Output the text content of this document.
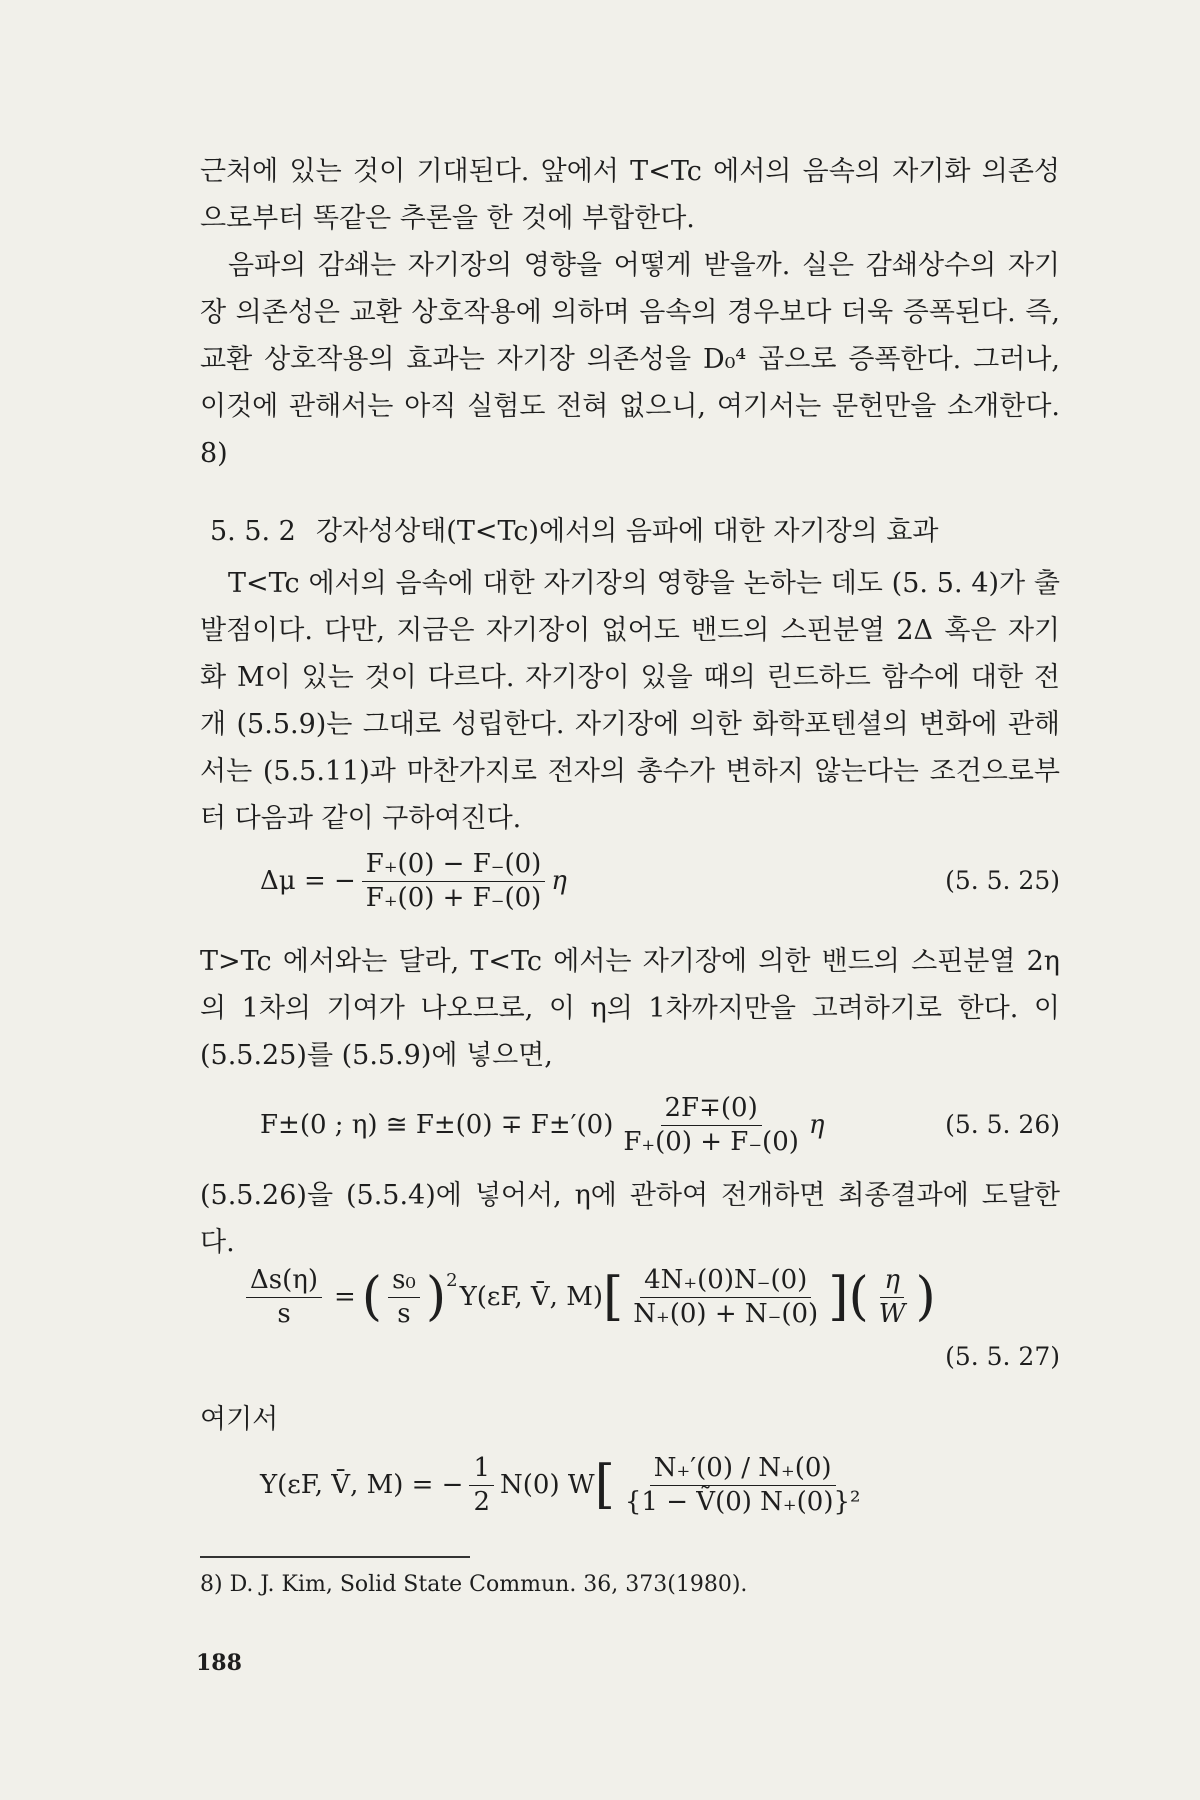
근처에 있는 것이 기대된다. 앞에서 T<Tc 에서의 음속의 자기화 의존성으로부터 똑같은 추론을 한 것에 부합한다.
음파의 감쇄는 자기장의 영향을 어떻게 받을까. 실은 감쇄상수의 자기장 의존성은 교환 상호작용에 의하며 음속의 경우보다 더욱 증폭된다. 즉, 교환 상호작용의 효과는 자기장 의존성을 D₀⁴ 곱으로 증폭한다. 그러나, 이것에 관해서는 아직 실험도 전혀 없으니, 여기서는 문헌만을 소개한다. 8)
5. 5. 2 강자성상태(T<Tc)에서의 음파에 대한 자기장의 효과
T<Tc 에서의 음속에 대한 자기장의 영향을 논하는 데도 (5. 5. 4)가 출발점이다. 다만, 지금은 자기장이 없어도 밴드의 스핀분열 2Δ 혹은 자기화 M이 있는 것이 다르다. 자기장이 있을 때의 린드하드 함수에 대한 전개 (5.5.9)는 그대로 성립한다. 자기장에 의한 화학포텐셜의 변화에 관해서는 (5.5.11)과 마찬가지로 전자의 총수가 변하지 않는다는 조건으로부터 다음과 같이 구하여진다.
Δμ = − $\frac{F_+(0) - F_-(0)}{F_+(0) + F_-(0)}$ η	(5. 5. 25)
T>Tc 에서와는 달라, T<Tc 에서는 자기장에 의한 밴드의 스핀분열 2η의 1차의 기여가 나오므로, 이 η의 1차까지만을 고려하기로 한다. 이 (5.5.25)를 (5.5.9)에 넣으면,
F±(0 ; η) ≅ $F\pm(0) \mp F\pm'(0) \frac{2F\mp(0)}{F_+(0) + F_-(0)}$ η	(5. 5. 26)
(5.5.26)을 (5.5.4)에 넣어서, η에 관하여 전개하면 최종결과에 도달한다.
$\frac{\Delta s(\eta)}{s}$ = ( $\frac{\text{s₀}}{s} )^2$
Y(εF, V̄, M) [ $\frac{4N_+(0)N_-(0)}{N_+(0) + N_-(0)}$ ] ( $\frac{\eta}{W}$ )
(5. 5. 27)
여기서
Y(εF, V̄, M) = − $\frac{1}{2} N(0)$ W [ $\frac{N_+'(0) / N_+(0)}{\text{\{1 − Ṽ(0) N₊(0)\}²}}$
8) D. J. Kim, Solid State Commun. 36, 373(1980).
188
